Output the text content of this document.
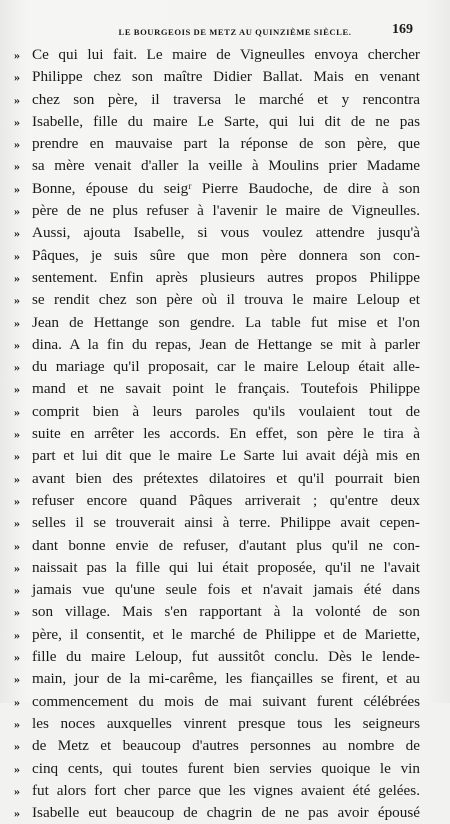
LE BOURGEOIS DE METZ AU QUINZIÈME SIÈCLE.	169
» Ce qui lui fait. Le maire de Vigneulles envoya chercher
» Philippe chez son maître Didier Ballat. Mais en venant
» chez son père, il traversa le marché et y rencontra
» Isabelle, fille du maire Le Sarte, qui lui dit de ne pas
» prendre en mauvaise part la réponse de son père, que
» sa mère venait d'aller la veille à Moulins prier Madame
» Bonne, épouse du seigʳ Pierre Baudoche, de dire à son
» père de ne plus refuser à l'avenir le maire de Vigneulles.
» Aussi, ajouta Isabelle, si vous voulez attendre jusqu'à
» Pâques, je suis sûre que mon père donnera son con-
» sentement. Enfin après plusieurs autres propos Philippe
» se rendit chez son père où il trouva le maire Leloup et
» Jean de Hettange son gendre. La table fut mise et l'on
» dina. A la fin du repas, Jean de Hettange se mit à parler
» du mariage qu'il proposait, car le maire Leloup était alle-
» mand et ne savait point le français. Toutefois Philippe
» comprit bien à leurs paroles qu'ils voulaient tout de
» suite en arrêter les accords. En effet, son père le tira à
» part et lui dit que le maire Le Sarte lui avait déjà mis en
» avant bien des prétextes dilatoires et qu'il pourrait bien
» refuser encore quand Pâques arriverait ; qu'entre deux
» selles il se trouverait ainsi à terre. Philippe avait cepen-
» dant bonne envie de refuser, d'autant plus qu'il ne con-
» naissait pas la fille qui lui était proposée, qu'il ne l'avait
» jamais vue qu'une seule fois et n'avait jamais été dans
» son village. Mais s'en rapportant à la volonté de son
» père, il consentit, et le marché de Philippe et de Mariette,
» fille du maire Leloup, fut aussitôt conclu. Dès le lende-
» main, jour de la mi-carême, les fiançailles se firent, et au
» commencement du mois de mai suivant furent célébrées
» les noces auxquelles vinrent presque tous les seigneurs
» de Metz et beaucoup d'autres personnes au nombre de
» cinq cents, qui toutes furent bien servies quoique le vin
» fut alors fort cher parce que les vignes avaient été gelées.
» Isabelle eut beaucoup de chagrin de ne pas avoir épousé
